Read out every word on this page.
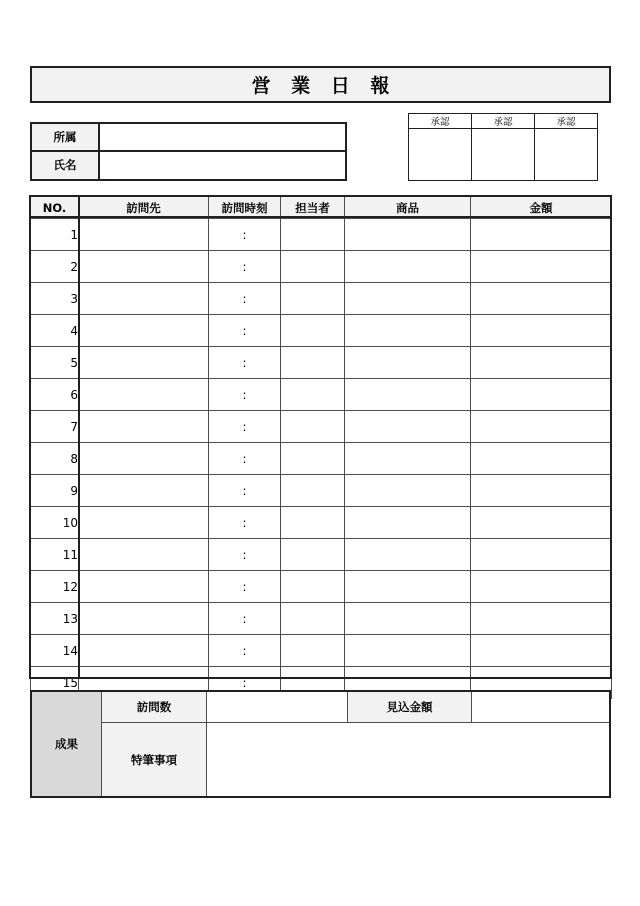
営 業 日 報
所属
氏名
承認	承認	承認
NO.	訪問先	訪問時刻	担当者	商品	金額
1		:			
2		:			
3		:			
4		:			
5		:			
6		:			
7		:			
8		:			
9		:			
10		:			
11		:			
12		:			
13		:			
14		:			
15		:			
成果
訪問数	見込金額
特筆事項
